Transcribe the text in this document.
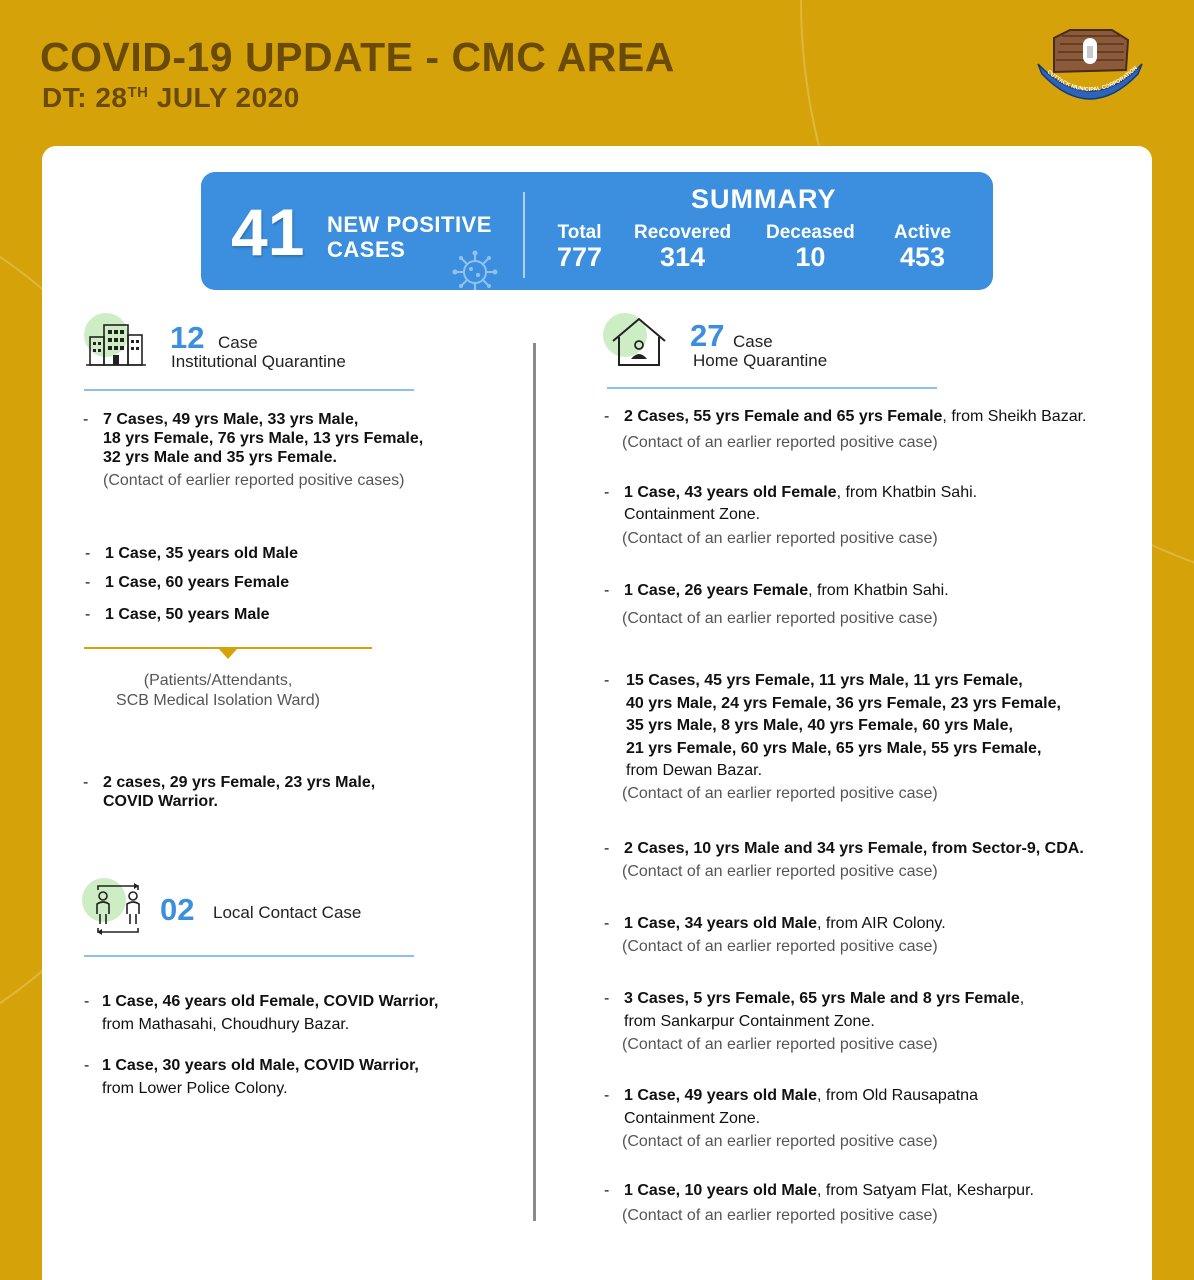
COVID-19 UPDATE - CMC AREA
DT: 28TH JULY 2020
CUTTACK MUNICIPAL CORPORATION
41 NEW POSITIVE
CASES
SUMMARY
Total
777
Recovered
314
Deceased
10
Active
453
12 Case
Institutional Quarantine
- 7 Cases, 49 yrs Male, 33 yrs Male,
18 yrs Female, 76 yrs Male, 13 yrs Female,
32 yrs Male and 35 yrs Female.
(Contact of earlier reported positive cases)
- 1 Case, 35 years old Male
- 1 Case, 60 years Female
- 1 Case, 50 years Male
(Patients/Attendants,
SCB Medical Isolation Ward)
- 2 cases, 29 yrs Female, 23 yrs Male,
COVID Warrior.
02 Local Contact Case
- 1 Case, 46 years old Female, COVID Warrior,
from Mathasahi, Choudhury Bazar.
- 1 Case, 30 years old Male, COVID Warrior,
from Lower Police Colony.
27 Case
Home Quarantine
- 2 Cases, 55 yrs Female and 65 yrs Female, from Sheikh Bazar.
(Contact of an earlier reported positive case)
- 1 Case, 43 years old Female, from Khatbin Sahi.
Containment Zone.
(Contact of an earlier reported positive case)
- 1 Case, 26 years Female, from Khatbin Sahi.
(Contact of an earlier reported positive case)
- 15 Cases, 45 yrs Female, 11 yrs Male, 11 yrs Female,
40 yrs Male, 24 yrs Female, 36 yrs Female, 23 yrs Female,
35 yrs Male, 8 yrs Male, 40 yrs Female, 60 yrs Male,
21 yrs Female, 60 yrs Male, 65 yrs Male, 55 yrs Female,
from Dewan Bazar.
(Contact of an earlier reported positive case)
- 2 Cases, 10 yrs Male and 34 yrs Female, from Sector-9, CDA.
(Contact of an earlier reported positive case)
- 1 Case, 34 years old Male, from AIR Colony.
(Contact of an earlier reported positive case)
- 3 Cases, 5 yrs Female, 65 yrs Male and 8 yrs Female,
from Sankarpur Containment Zone.
(Contact of an earlier reported positive case)
- 1 Case, 49 years old Male, from Old Rausapatna
Containment Zone.
(Contact of an earlier reported positive case)
- 1 Case, 10 years old Male, from Satyam Flat, Kesharpur.
(Contact of an earlier reported positive case)
